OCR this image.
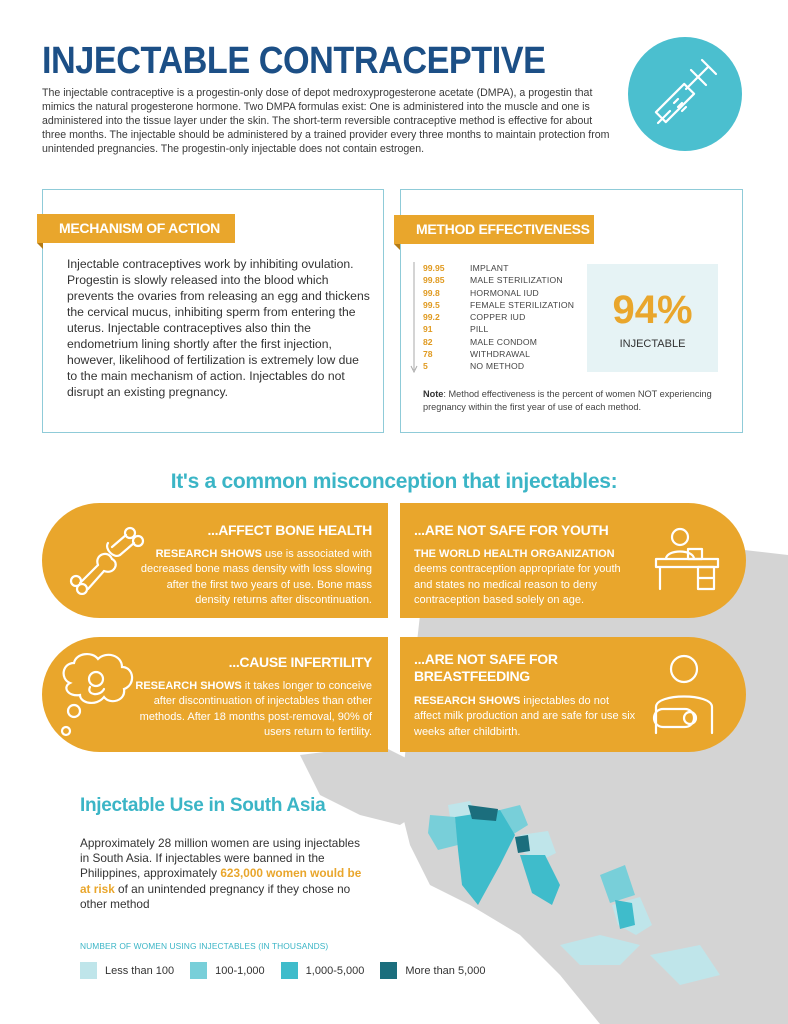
INJECTABLE CONTRACEPTIVE
The injectable contraceptive is a progestin-only dose of depot medroxyprogesterone acetate (DMPA), a progestin that mimics the natural progesterone hormone. Two DMPA formulas exist: One is administered into the muscle and one is administered into the tissue layer under the skin. The short-term reversible contraceptive method is effective for about three months. The injectable should be administered by a trained provider every three months to maintain protection from unintended pregnancies. The progestin-only injectable does not contain estrogen.
MECHANISM OF ACTION
Injectable contraceptives work by inhibiting ovulation. Progestin is slowly released into the blood which prevents the ovaries from releasing an egg and thickens the cervical mucus, inhibiting sperm from entering the uterus. Injectable contraceptives also thin the endometrium lining shortly after the first injection, however, likelihood of fertilization is extremely low due to the main mechanism of action. Injectables do not disrupt an existing pregnancy.
METHOD EFFECTIVENESS
99.95	IMPLANT
99.85	MALE STERILIZATION
99.8	HORMONAL IUD
99.5	FEMALE STERILIZATION
99.2	COPPER IUD
91	PILL
82	MALE CONDOM
78	WITHDRAWAL
5	NO METHOD
94%
INJECTABLE
Note: Method effectiveness is the percent of women NOT experiencing pregnancy within the first year of use of each method.
It's a common misconception that injectables:
...AFFECT BONE HEALTH
RESEARCH SHOWS use is associated with decreased bone mass density with loss slowing after the first two years of use. Bone mass density returns after discontinuation.
...ARE NOT SAFE FOR YOUTH
THE WORLD HEALTH ORGANIZATION deems contraception appropriate for youth and states no medical reason to deny contraception based solely on age.
...CAUSE INFERTILITY
RESEARCH SHOWS it takes longer to conceive after discontinuation of injectables than other methods. After 18 months post-removal, 90% of users return to fertility.
...ARE NOT SAFE FOR BREASTFEEDING
RESEARCH SHOWS injectables do not affect milk production and are safe for use six weeks after childbirth.
Injectable Use in South Asia
Approximately 28 million women are using injectables in South Asia. If injectables were banned in the Philippines, approximately 623,000 women would be at risk of an unintended pregnancy if they chose no other method
NUMBER OF WOMEN USING INJECTABLES (IN THOUSANDS)
Less than 100	100-1,000	1,000-5,000	More than 5,000
